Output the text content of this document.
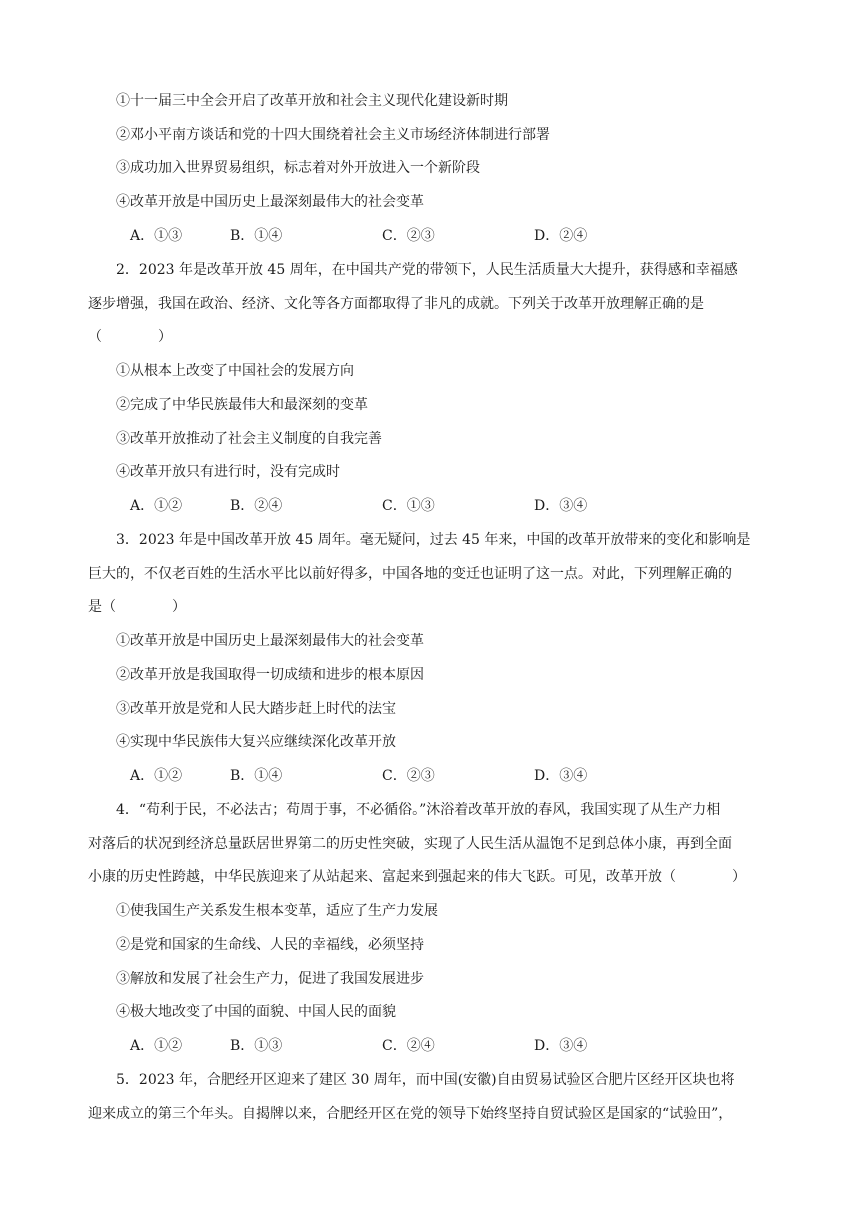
①十一届三中全会开启了改革开放和社会主义现代化建设新时期
②邓小平南方谈话和党的十四大围绕着社会主义市场经济体制进行部署
③成功加入世界贸易组织，标志着对外开放进入一个新阶段
④改革开放是中国历史上最深刻最伟大的社会变革
A．①③	B．①④	C．②③	D．②④
2．2023 年是改革开放 45 周年，在中国共产党的带领下，人民生活质量大大提升，获得感和幸福感
逐步增强，我国在政治、经济、文化等各方面都取得了非凡的成就。下列关于改革开放理解正确的是
（　　　　）
①从根本上改变了中国社会的发展方向
②完成了中华民族最伟大和最深刻的变革
③改革开放推动了社会主义制度的自我完善
④改革开放只有进行时，没有完成时
A．①②	B．②④	C．①③	D．③④
3．2023 年是中国改革开放 45 周年。毫无疑问，过去 45 年来，中国的改革开放带来的变化和影响是
巨大的，不仅老百姓的生活水平比以前好得多，中国各地的变迁也证明了这一点。对此，下列理解正确的
是（　　　　）
①改革开放是中国历史上最深刻最伟大的社会变革
②改革开放是我国取得一切成绩和进步的根本原因
③改革开放是党和人民大踏步赶上时代的法宝
④实现中华民族伟大复兴应继续深化改革开放
A．①②	B．①④	C．②③	D．③④
4．“苟利于民，不必法古；苟周于事，不必循俗。”沐浴着改革开放的春风，我国实现了从生产力相
对落后的状况到经济总量跃居世界第二的历史性突破，实现了人民生活从温饱不足到总体小康，再到全面
小康的历史性跨越，中华民族迎来了从站起来、富起来到强起来的伟大飞跃。可见，改革开放（　　　　）
①使我国生产关系发生根本变革，适应了生产力发展
②是党和国家的生命线、人民的幸福线，必须坚持
③解放和发展了社会生产力，促进了我国发展进步
④极大地改变了中国的面貌、中国人民的面貌
A．①②	B．①③	C．②④	D．③④
5．2023 年，合肥经开区迎来了建区 30 周年，而中国(安徽)自由贸易试验区合肥片区经开区块也将
迎来成立的第三个年头。自揭牌以来，合肥经开区在党的领导下始终坚持自贸试验区是国家的“试验田”，
